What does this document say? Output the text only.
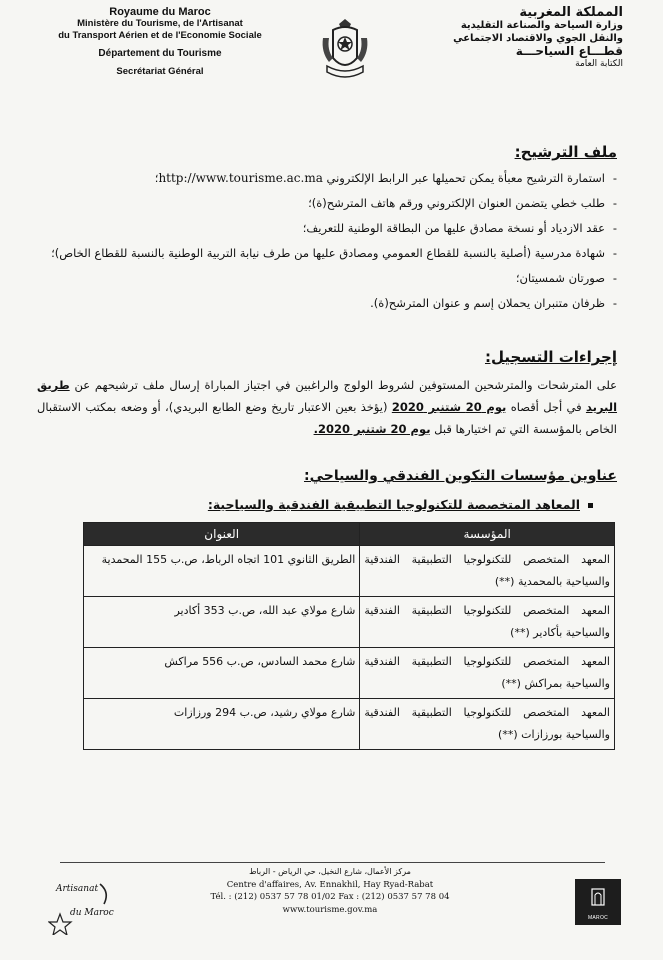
Royaume du Maroc
Ministère du Tourisme, de l'Artisanat
du Transport Aérien et de l'Economie Sociale
Département du Tourisme
Secrétariat Général
المملكة المغربية
وزارة السياحة والصناعة التقليدية
والنقل الجوي والاقتصاد الاجتماعي
قطـــاع السياحـــة
الكتابة العامة
ملف الترشيح:
- استمارة الترشيح معبأة يمكن تحميلها عبر الرابط الإلكتروني http://www.tourisme.ac.ma؛
- طلب خطي يتضمن العنوان الإلكتروني ورقم هاتف المترشح(ة)؛
- عقد الازدياد أو نسخة مصادق عليها من البطاقة الوطنية للتعريف؛
- شهادة مدرسية (أصلية بالنسبة للقطاع العمومي ومصادق عليها من طرف نيابة التربية الوطنية بالنسبة للقطاع الخاص)؛
- صورتان شمسيتان؛
- ظرفان متنبران يحملان إسم و عنوان المترشح(ة).
إجراءات التسجيل:
على المترشحات والمترشحين المستوفين لشروط الولوج والراغبين في اجتياز المباراة إرسال ملف ترشيحهم عن طريق البريد في أجل أقصاه يوم 20 شتنبر 2020 (يؤخذ بعين الاعتبار تاريخ وضع الطابع البريدي)، أو وضعه بمكتب الاستقبال الخاص بالمؤسسة التي تم اختيارها قبل يوم 20 شتنبر 2020.
عناوين مؤسسات التكوين الفندقي والسياحي:
المعاهد المتخصصة للتكنولوجيا التطبيقية الفندقية والسياحية:
المؤسسة	العنوان
المعهد المتخصص للتكنولوجيا التطبيقية الفندقية والسياحية بالمحمدية (**)	الطريق الثانوي 101 اتجاه الرباط، ص.ب 155 المحمدية
المعهد المتخصص للتكنولوجيا التطبيقية الفندقية والسياحية بأكادير (**)	شارع مولاي عبد الله، ص.ب 353 أكادير
المعهد المتخصص للتكنولوجيا التطبيقية الفندقية والسياحية بمراكش (**)	شارع محمد السادس، ص.ب 556 مراكش
المعهد المتخصص للتكنولوجيا التطبيقية الفندقية والسياحية بورزازات (**)	شارع مولاي رشيد، ص.ب 294 ورزازات
Artisanat
du Maroc
مركز الأعمال، شارع النخيل، حي الرياض - الرباط
Centre d'affaires, Av. Ennakhil, Hay Ryad-Rabat
Tél. : (212) 0537 57 78 01/02 Fax : (212) 0537 57 78 04
www.tourisme.gov.ma
MAROC
